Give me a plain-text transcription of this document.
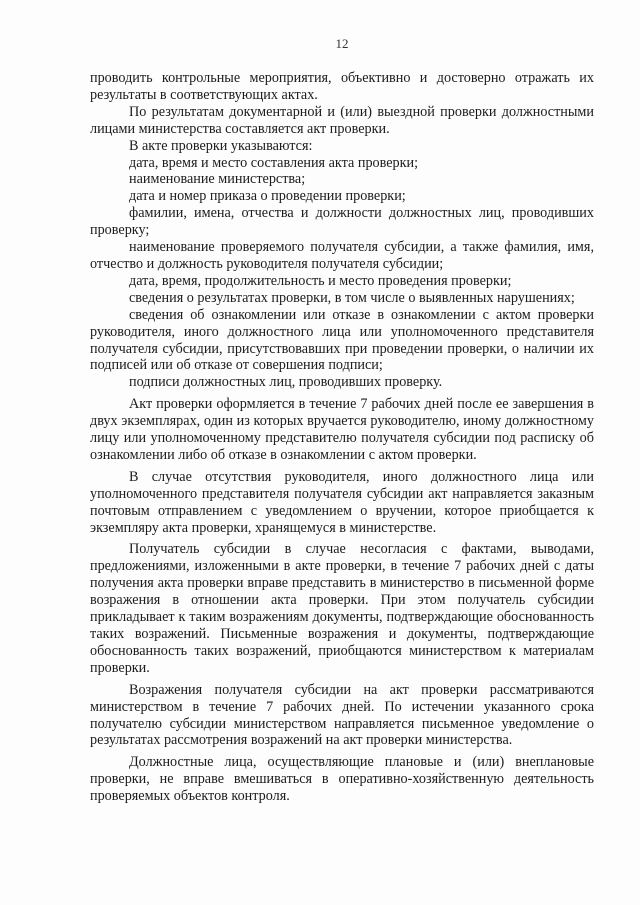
12

проводить контрольные мероприятия, объективно и достоверно отражать их результаты в соответствующих актах.

По результатам документарной и (или) выездной проверки должностными лицами министерства составляется акт проверки.

В акте проверки указываются:

дата, время и место составления акта проверки;

наименование министерства;

дата и номер приказа о проведении проверки;

фамилии, имена, отчества и должности должностных лиц, проводивших проверку;

наименование проверяемого получателя субсидии, а также фамилия, имя, отчество и должность руководителя получателя субсидии;

дата, время, продолжительность и место проведения проверки;

сведения о результатах проверки, в том числе о выявленных нарушениях;

сведения об ознакомлении или отказе в ознакомлении с актом проверки руководителя, иного должностного лица или уполномоченного представителя получателя субсидии, присутствовавших при проведении проверки, о наличии их подписей или об отказе от совершения подписи;

подписи должностных лиц, проводивших проверку.

Акт проверки оформляется в течение 7 рабочих дней после ее завершения в двух экземплярах, один из которых вручается руководителю, иному должностному лицу или уполномоченному представителю получателя субсидии под расписку об ознакомлении либо об отказе в ознакомлении с актом проверки.

В случае отсутствия руководителя, иного должностного лица или уполномоченного представителя получателя субсидии акт направляется заказным почтовым отправлением с уведомлением о вручении, которое приобщается к экземпляру акта проверки, хранящемуся в министерстве.

Получатель субсидии в случае несогласия с фактами, выводами, предложениями, изложенными в акте проверки, в течение 7 рабочих дней с даты получения акта проверки вправе представить в министерство в письменной форме возражения в отношении акта проверки. При этом получатель субсидии прикладывает к таким возражениям документы, подтверждающие обоснованность таких возражений. Письменные возражения и документы, подтверждающие обоснованность таких возражений, приобщаются министерством к материалам проверки.

Возражения получателя субсидии на акт проверки рассматриваются министерством в течение 7 рабочих дней. По истечении указанного срока получателю субсидии министерством направляется письменное уведомление о результатах рассмотрения возражений на акт проверки министерства.

Должностные лица, осуществляющие плановые и (или) внеплановые проверки, не вправе вмешиваться в оперативно-хозяйственную деятельность проверяемых объектов контроля.
